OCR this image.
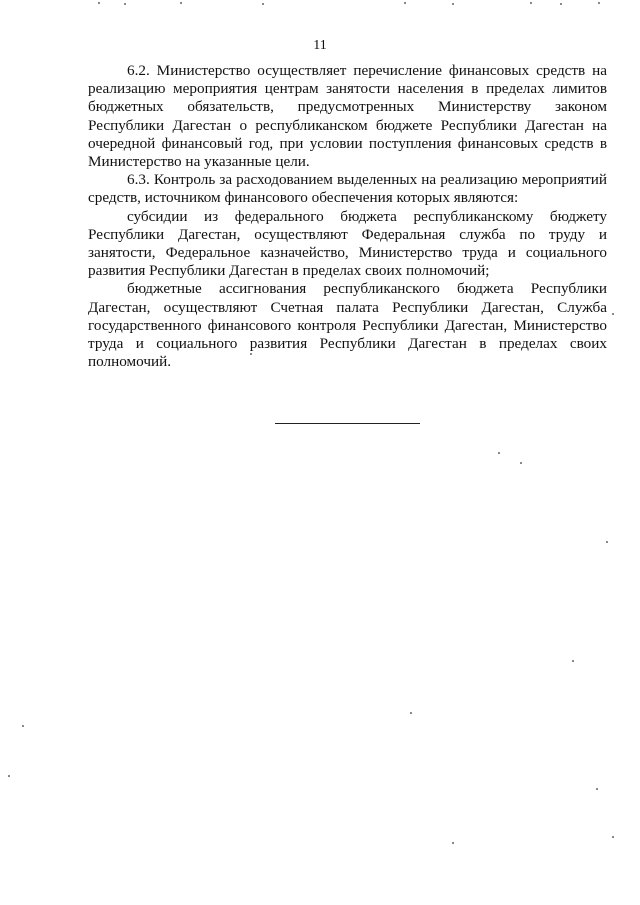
11

6.2. Министерство осуществляет перечисление финансовых средств на реализацию мероприятия центрам занятости населения в пределах лимитов бюджетных обязательств, предусмотренных Министерству законом Республики Дагестан о республиканском бюджете Республики Дагестан на очередной финансовый год, при условии поступления финансовых средств в Министерство на указанные цели.

6.3. Контроль за расходованием выделенных на реализацию мероприятий средств, источником финансового обеспечения которых являются:

субсидии из федерального бюджета республиканскому бюджету Республики Дагестан, осуществляют Федеральная служба по труду и занятости, Федеральное казначейство, Министерство труда и социального развития Республики Дагестан в пределах своих полномочий;

бюджетные ассигнования республиканского бюджета Республики Дагестан, осуществляют Счетная палата Республики Дагестан, Служба государственного финансового контроля Республики Дагестан, Министерство труда и социального развития Республики Дагестан в пределах своих полномочий.
